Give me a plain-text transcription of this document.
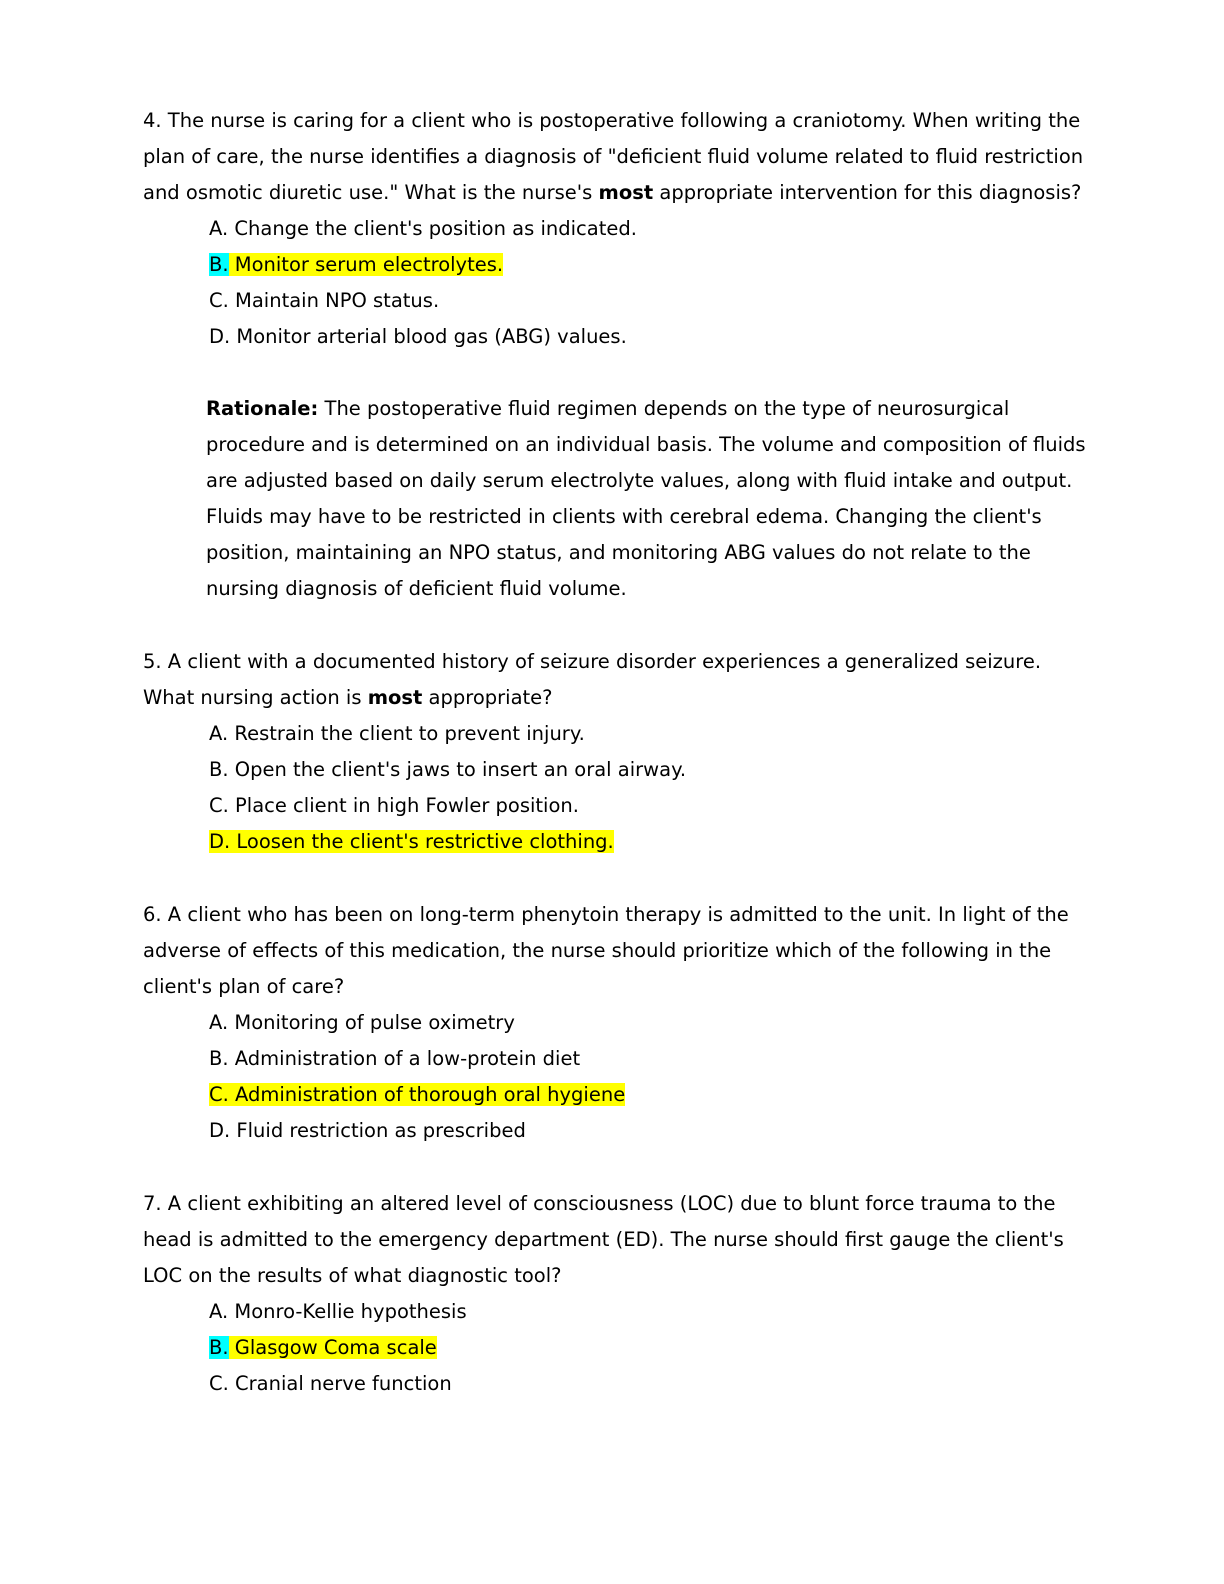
4. The nurse is caring for a client who is postoperative following a craniotomy. When writing the
plan of care, the nurse identifies a diagnosis of "deficient fluid volume related to fluid restriction
and osmotic diuretic use." What is the nurse's most appropriate intervention for this diagnosis?
A. Change the client's position as indicated.
B. Monitor serum electrolytes.
C. Maintain NPO status.
D. Monitor arterial blood gas (ABG) values.
Rationale: The postoperative fluid regimen depends on the type of neurosurgical
procedure and is determined on an individual basis. The volume and composition of fluids
are adjusted based on daily serum electrolyte values, along with fluid intake and output.
Fluids may have to be restricted in clients with cerebral edema. Changing the client's
position, maintaining an NPO status, and monitoring ABG values do not relate to the
nursing diagnosis of deficient fluid volume.
5. A client with a documented history of seizure disorder experiences a generalized seizure.
What nursing action is most appropriate?
A. Restrain the client to prevent injury.
B. Open the client's jaws to insert an oral airway.
C. Place client in high Fowler position.
D. Loosen the client's restrictive clothing.
6. A client who has been on long-term phenytoin therapy is admitted to the unit. In light of the
adverse of effects of this medication, the nurse should prioritize which of the following in the
client's plan of care?
A. Monitoring of pulse oximetry
B. Administration of a low-protein diet
C. Administration of thorough oral hygiene
D. Fluid restriction as prescribed
7. A client exhibiting an altered level of consciousness (LOC) due to blunt force trauma to the
head is admitted to the emergency department (ED). The nurse should first gauge the client's
LOC on the results of what diagnostic tool?
A. Monro-Kellie hypothesis
B. Glasgow Coma scale
C. Cranial nerve function
